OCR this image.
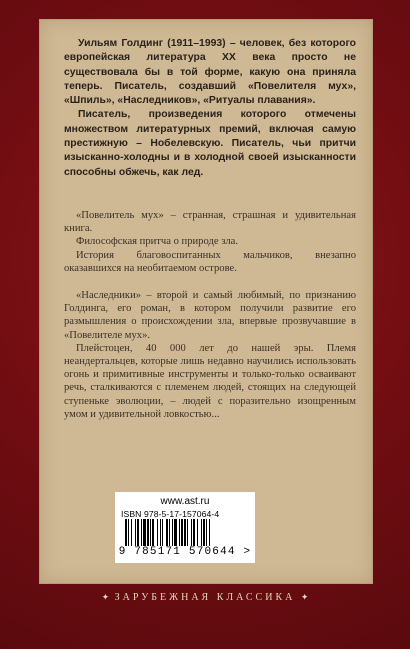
Уильям Голдинг (1911–1993) – человек, без которого европейская литература XX века просто не существовала бы в той форме, какую она приняла теперь. Писатель, создавший «Повелителя мух», «Шпиль», «Наследников», «Ритуалы плавания».

Писатель, произведения которого отмечены множеством литературных премий, включая самую престижную – Нобелевскую. Писатель, чьи притчи изысканно-холодны и в холодной своей изысканности способны обжечь, как лед.

«Повелитель мух» – странная, страшная и удивительная книга.

Философская притча о природе зла.

История благовоспитанных мальчиков, внезапно оказавшихся на необитаемом острове.

«Наследники» – второй и самый любимый, по признанию Голдинга, его роман, в котором получили развитие его размышления о происхождении зла, впервые прозвучавшие в «Повелителе мух».

Плейстоцен, 40 000 лет до нашей эры. Племя неандертальцев, которые лишь недавно научились использовать огонь и примитивные инструменты и только-только осваивают речь, сталкиваются с племенем людей, стоящих на следующей ступеньке эволюции, – людей с поразительно изощренным умом и удивительной ловкостью...

www.ast.ru
ISBN 978-5-17-157064-4
9 785171 570644 >
✦ ЗАРУБЕЖНАЯ КЛАССИКА ✦
